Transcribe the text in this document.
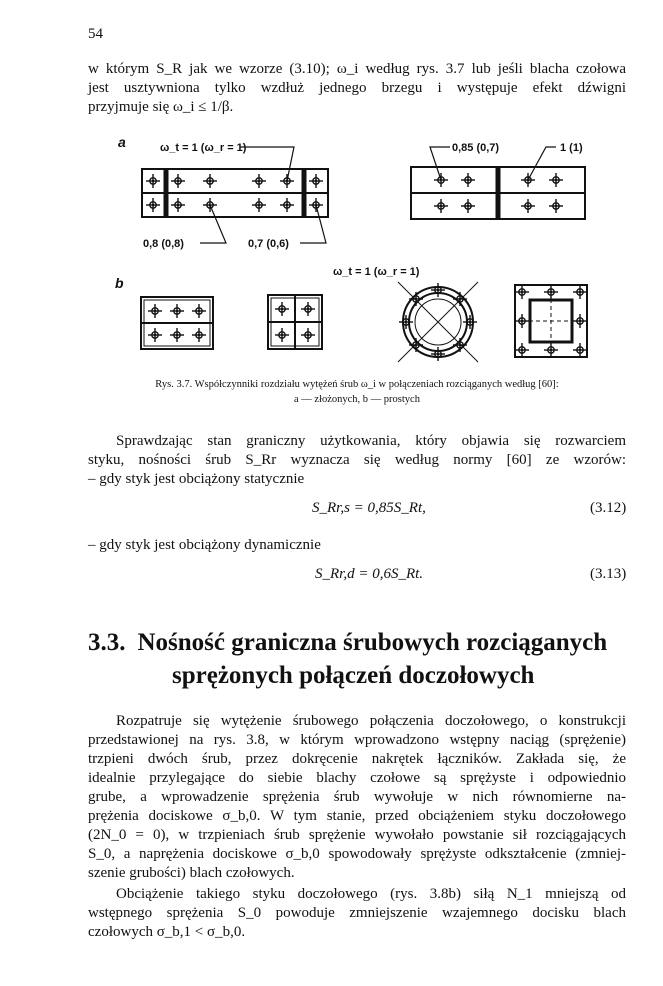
54
w którym S_R jak we wzorze (3.10); ω_i według rys. 3.7 lub jeśli blacha czołowa
jest usztywniona tylko wzdłuż jednego brzegu i występuje efekt dźwigni
przyjmuje się ω_i ≤ 1/β.
a
b
ω_t = 1 (ω_r = 1)
0,8 (0,8)	0,7 (0,6)
0,85 (0,7)	1 (1)
ω_t = 1 (ω_r = 1)
Rys. 3.7. Współczynniki rozdziału wytężeń śrub ω_i w połączeniach rozciąganych według [60]:
a — złożonych, b — prostych
Sprawdzając stan graniczny użytkowania, który objawia się rozwarciem
styku, nośności śrub S_Rr wyznacza się według normy [60] ze wzorów:
– gdy styk jest obciążony statycznie
S_Rr,s = 0,85S_Rt,	(3.12)
– gdy styk jest obciążony dynamicznie
S_Rr,d = 0,6S_Rt.	(3.13)
3.3. Nośność graniczna śrubowych rozciąganych
sprężonych połączeń doczołowych
Rozpatruje się wytężenie śrubowego połączenia doczołowego, o konstrukcji
przedstawionej na rys. 3.8, w którym wprowadzono wstępny naciąg (sprężenie)
trzpieni dwóch śrub, przez dokręcenie nakrętek łączników. Zakłada się, że
idealnie przylegające do siebie blachy czołowe są sprężyste i odpowiednio
grube, a wprowadzenie sprężenia śrub wywołuje w nich równomierne na-
prężenia dociskowe σ_b,0. W tym stanie, przed obciążeniem styku doczołowego
(2N_0 = 0), w trzpieniach śrub sprężenie wywołało powstanie sił rozciągających
S_0, a naprężenia dociskowe σ_b,0 spowodowały sprężyste odkształcenie (zmniej-
szenie grubości) blach czołowych.
Obciążenie takiego styku doczołowego (rys. 3.8b) siłą N_1 mniejszą od
wstępnego sprężenia S_0 powoduje zmniejszenie wzajemnego docisku blach
czołowych σ_b,1 < σ_b,0.
